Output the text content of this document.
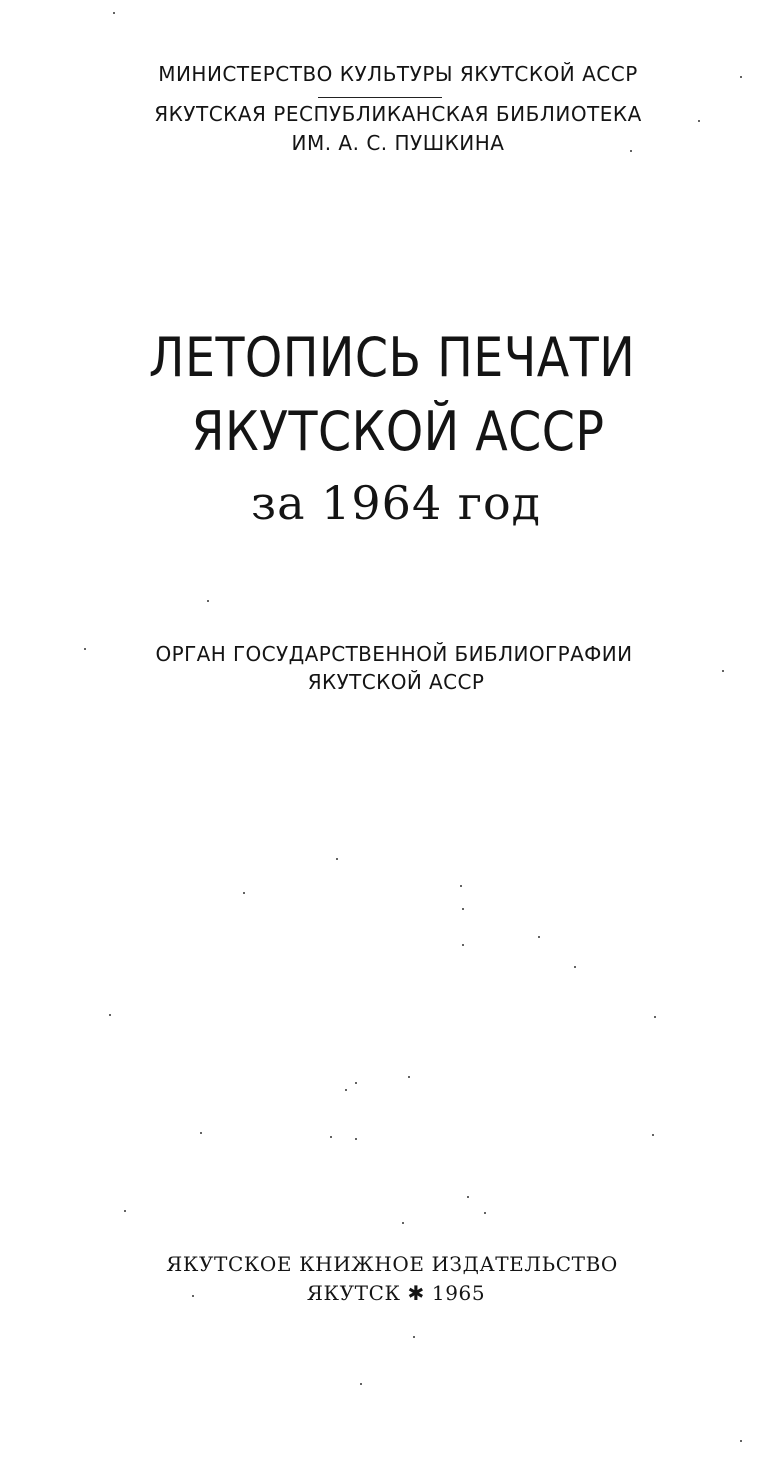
МИНИСТЕРСТВО КУЛЬТУРЫ ЯКУТСКОЙ АССР
ЯКУТСКАЯ РЕСПУБЛИКАНСКАЯ БИБЛИОТЕКА
ИМ. А. С. ПУШКИНА
ЛЕТОПИСЬ ПЕЧАТИ
ЯКУТСКОЙ АССР
за 1964 год
ОРГАН ГОСУДАРСТВЕННОЙ БИБЛИОГРАФИИ
ЯКУТСКОЙ АССР
ЯКУТСКОЕ КНИЖНОЕ ИЗДАТЕЛЬСТВО
ЯКУТСК ✱ 1965
